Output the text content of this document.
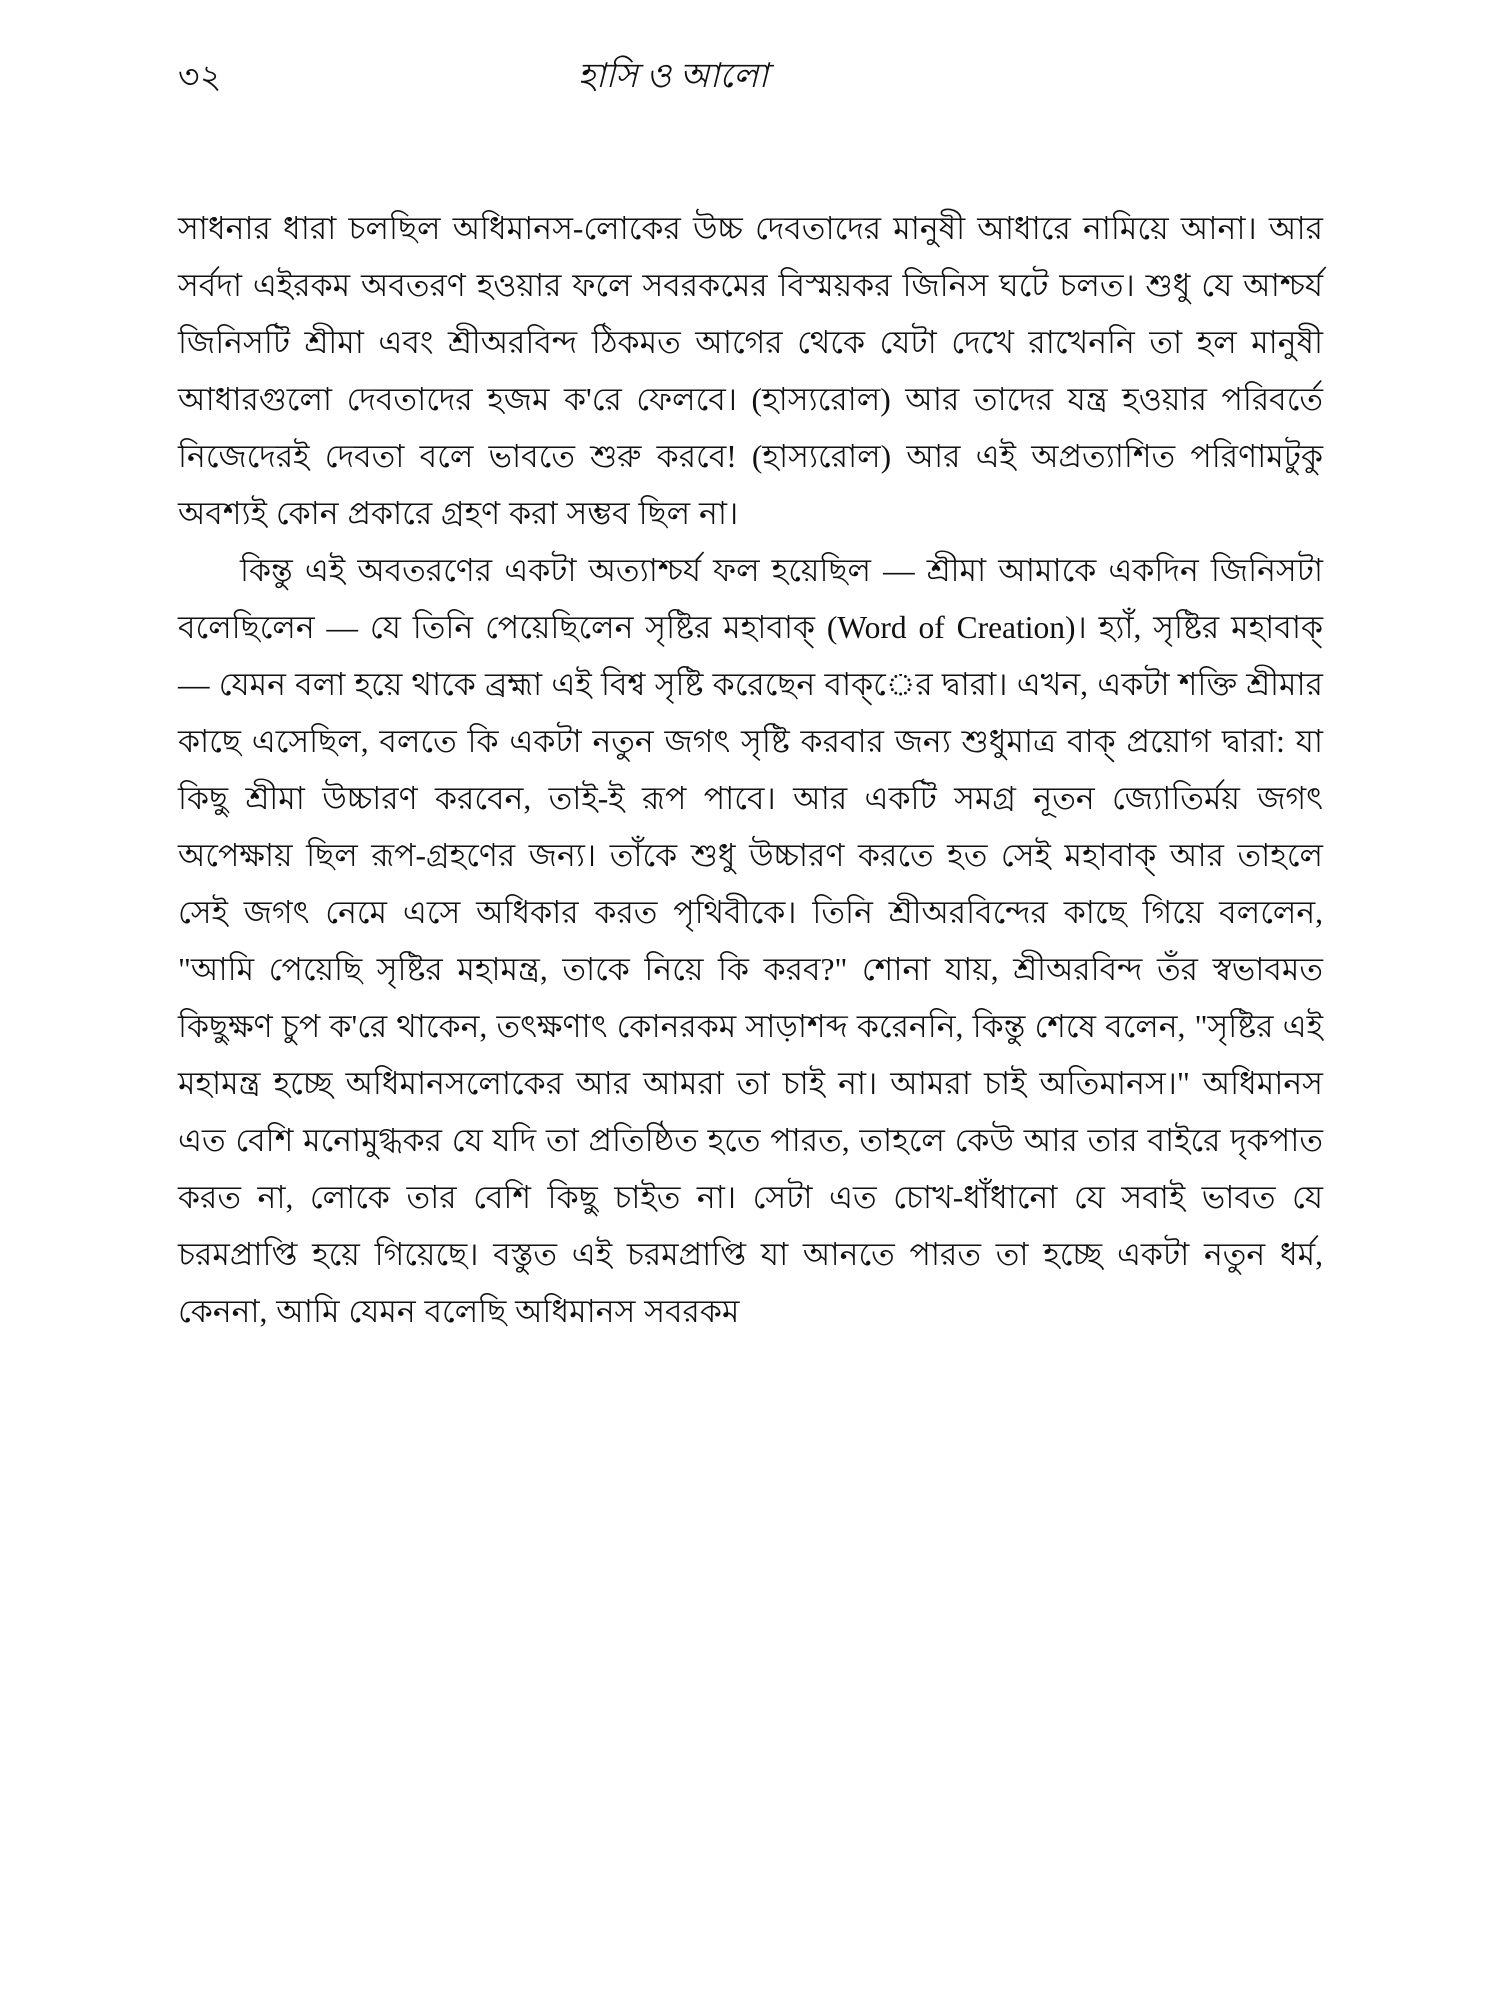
৩২	হাসি ও আলো

সাধনার ধারা চলছিল অধিমানস-লোকের উচ্চ দেবতাদের মানুষী আধারে নামিয়ে আনা। আর সর্বদা এইরকম অবতরণ হওয়ার ফলে সবরকমের বিস্ময়কর জিনিস ঘটে চলত। শুধু যে আশ্চর্য জিনিসটি শ্রীমা এবং শ্রীঅরবিন্দ ঠিকমত আগের থেকে যেটা দেখে রাখেননি তা হল মানুষী আধারগুলো দেবতাদের হজম ক'রে ফেলবে। (হাস্যরোল) আর তাদের যন্ত্র হওয়ার পরিবর্তে নিজেদেরই দেবতা বলে ভাবতে শুরু করবে! (হাস্যরোল) আর এই অপ্রত্যাশিত পরিণামটুকু অবশ্যই কোন প্রকারে গ্রহণ করা সম্ভব ছিল না।

কিন্তু এই অবতরণের একটা অত্যাশ্চর্য ফল হয়েছিল — শ্রীমা আমাকে একদিন জিনিসটা বলেছিলেন — যে তিনি পেয়েছিলেন সৃষ্টির মহাবাক্ (Word of Creation)। হ্যাঁ, সৃষ্টির মহাবাক্ — যেমন বলা হয়ে থাকে ব্রহ্মা এই বিশ্ব সৃষ্টি করেছেন বাক্‌ের দ্বারা। এখন, একটা শক্তি শ্রীমার কাছে এসেছিল, বলতে কি একটা নতুন জগৎ সৃষ্টি করবার জন্য শুধুমাত্র বাক্ প্রয়োগ দ্বারা: যা কিছু শ্রীমা উচ্চারণ করবেন, তাই-ই রূপ পাবে। আর একটি সমগ্র নূতন জ্যোতির্ময় জগৎ অপেক্ষায় ছিল রূপ-গ্রহণের জন্য। তাঁকে শুধু উচ্চারণ করতে হত সেই মহাবাক্ আর তাহলে সেই জগৎ নেমে এসে অধিকার করত পৃথিবীকে। তিনি শ্রীঅরবিন্দের কাছে গিয়ে বললেন, "আমি পেয়েছি সৃষ্টির মহামন্ত্র, তাকে নিয়ে কি করব?" শোনা যায়, শ্রীঅরবিন্দ তঁর স্বভাবমত কিছুক্ষণ চুপ ক'রে থাকেন, তৎক্ষণাৎ কোনরকম সাড়াশব্দ করেননি, কিন্তু শেষে বলেন, "সৃষ্টির এই মহামন্ত্র হচ্ছে অধিমানসলোকের আর আমরা তা চাই না। আমরা চাই অতিমানস।" অধিমানস এত বেশি মনোমুগ্ধকর যে যদি তা প্রতিষ্ঠিত হতে পারত, তাহলে কেউ আর তার বাইরে দৃকপাত করত না, লোকে তার বেশি কিছু চাইত না। সেটা এত চোখ-ধাঁধানো যে সবাই ভাবত যে চরমপ্রাপ্তি হয়ে গিয়েছে। বস্তুত এই চরমপ্রাপ্তি যা আনতে পারত তা হচ্ছে একটা নতুন ধর্ম, কেননা, আমি যেমন বলেছি অধিমানস সবরকম
